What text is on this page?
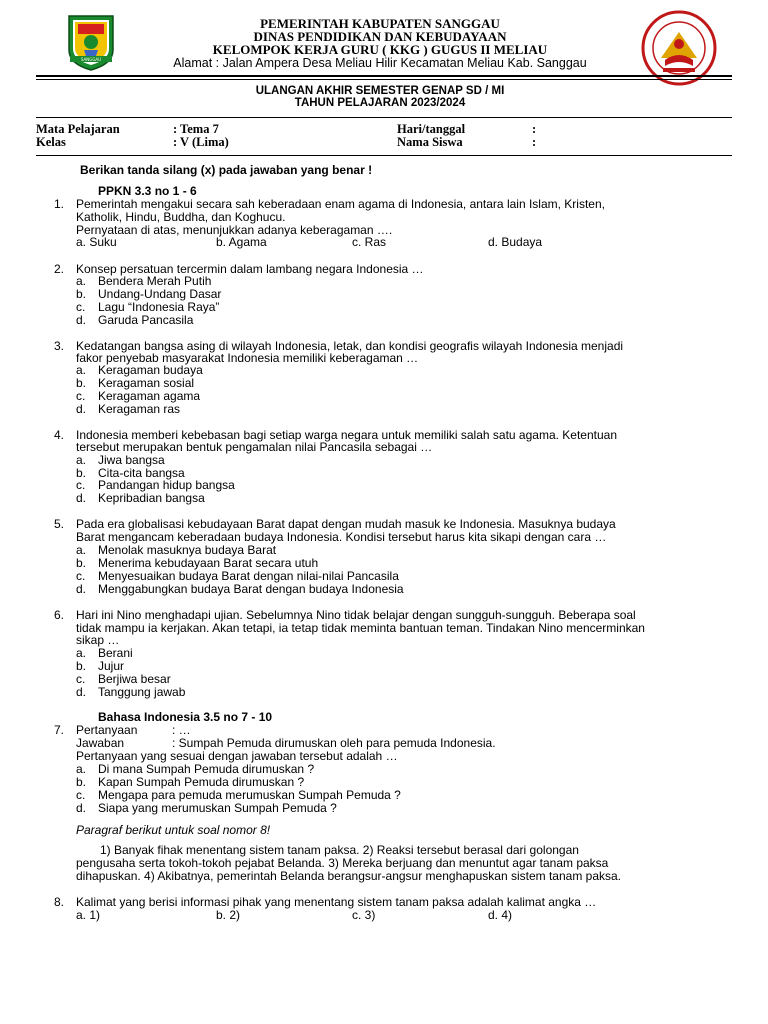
SANGGAU
PEMERINTAH KABUPATEN SANGGAU
DINAS PENDIDIKAN DAN KEBUDAYAAN
KELOMPOK KERJA GURU ( KKG ) GUGUS II MELIAU
Alamat : Jalan Ampera Desa Meliau Hilir Kecamatan Meliau Kab. Sanggau
ULANGAN AKHIR SEMESTER GENAP SD / MI
TAHUN PELAJARAN 2023/2024
Mata Pelajaran	: Tema 7	Hari/tanggal	:
Kelas	: V (Lima)	Nama Siswa	:
Berikan tanda silang (x) pada jawaban yang benar !
PPKN 3.3 no 1 - 6
1. Pemerintah mengakui secara sah keberadaan enam agama di Indonesia, antara lain Islam, Kristen,
Katholik, Hindu, Buddha, dan Koghucu.
Pernyataan di atas, menunjukkan adanya keberagaman ….
a. Suku	b. Agama	c. Ras	d. Budaya
2. Konsep persatuan tercermin dalam lambang negara Indonesia …
a. Bendera Merah Putih
b. Undang-Undang Dasar
c. Lagu “Indonesia Raya”
d. Garuda Pancasila
3. Kedatangan bangsa asing di wilayah Indonesia, letak, dan kondisi geografis wilayah Indonesia menjadi
fakor penyebab masyarakat Indonesia memiliki keberagaman …
a. Keragaman budaya
b. Keragaman sosial
c. Keragaman agama
d. Keragaman ras
4. Indonesia memberi kebebasan bagi setiap warga negara untuk memiliki salah satu agama. Ketentuan
tersebut merupakan bentuk pengamalan nilai Pancasila sebagai …
a. Jiwa bangsa
b. Cita-cita bangsa
c. Pandangan hidup bangsa
d. Kepribadian bangsa
5. Pada era globalisasi kebudayaan Barat dapat dengan mudah masuk ke Indonesia. Masuknya budaya
Barat mengancam keberadaan budaya Indonesia. Kondisi tersebut harus kita sikapi dengan cara …
a. Menolak masuknya budaya Barat
b. Menerima kebudayaan Barat secara utuh
c. Menyesuaikan budaya Barat dengan nilai-nilai Pancasila
d. Menggabungkan budaya Barat dengan budaya Indonesia
6. Hari ini Nino menghadapi ujian. Sebelumnya Nino tidak belajar dengan sungguh-sungguh. Beberapa soal
tidak mampu ia kerjakan. Akan tetapi, ia tetap tidak meminta bantuan teman. Tindakan Nino mencerminkan
sikap …
a. Berani
b. Jujur
c. Berjiwa besar
d. Tanggung jawab
Bahasa Indonesia 3.5 no 7 - 10
7. Pertanyaan	: …
Jawaban	: Sumpah Pemuda dirumuskan oleh para pemuda Indonesia.
Pertanyaan yang sesuai dengan jawaban tersebut adalah …
a. Di mana Sumpah Pemuda dirumuskan ?
b. Kapan Sumpah Pemuda dirumuskan ?
c. Mengapa para pemuda merumuskan Sumpah Pemuda ?
d. Siapa yang merumuskan Sumpah Pemuda ?
Paragraf berikut untuk soal nomor 8!
1) Banyak fihak menentang sistem tanam paksa. 2) Reaksi tersebut berasal dari golongan
pengusaha serta tokoh-tokoh pejabat Belanda. 3) Mereka berjuang dan menuntut agar tanam paksa
dihapuskan. 4) Akibatnya, pemerintah Belanda berangsur-angsur menghapuskan sistem tanam paksa.
8. Kalimat yang berisi informasi pihak yang menentang sistem tanam paksa adalah kalimat angka …
a. 1)	b. 2)	c. 3)	d. 4)
